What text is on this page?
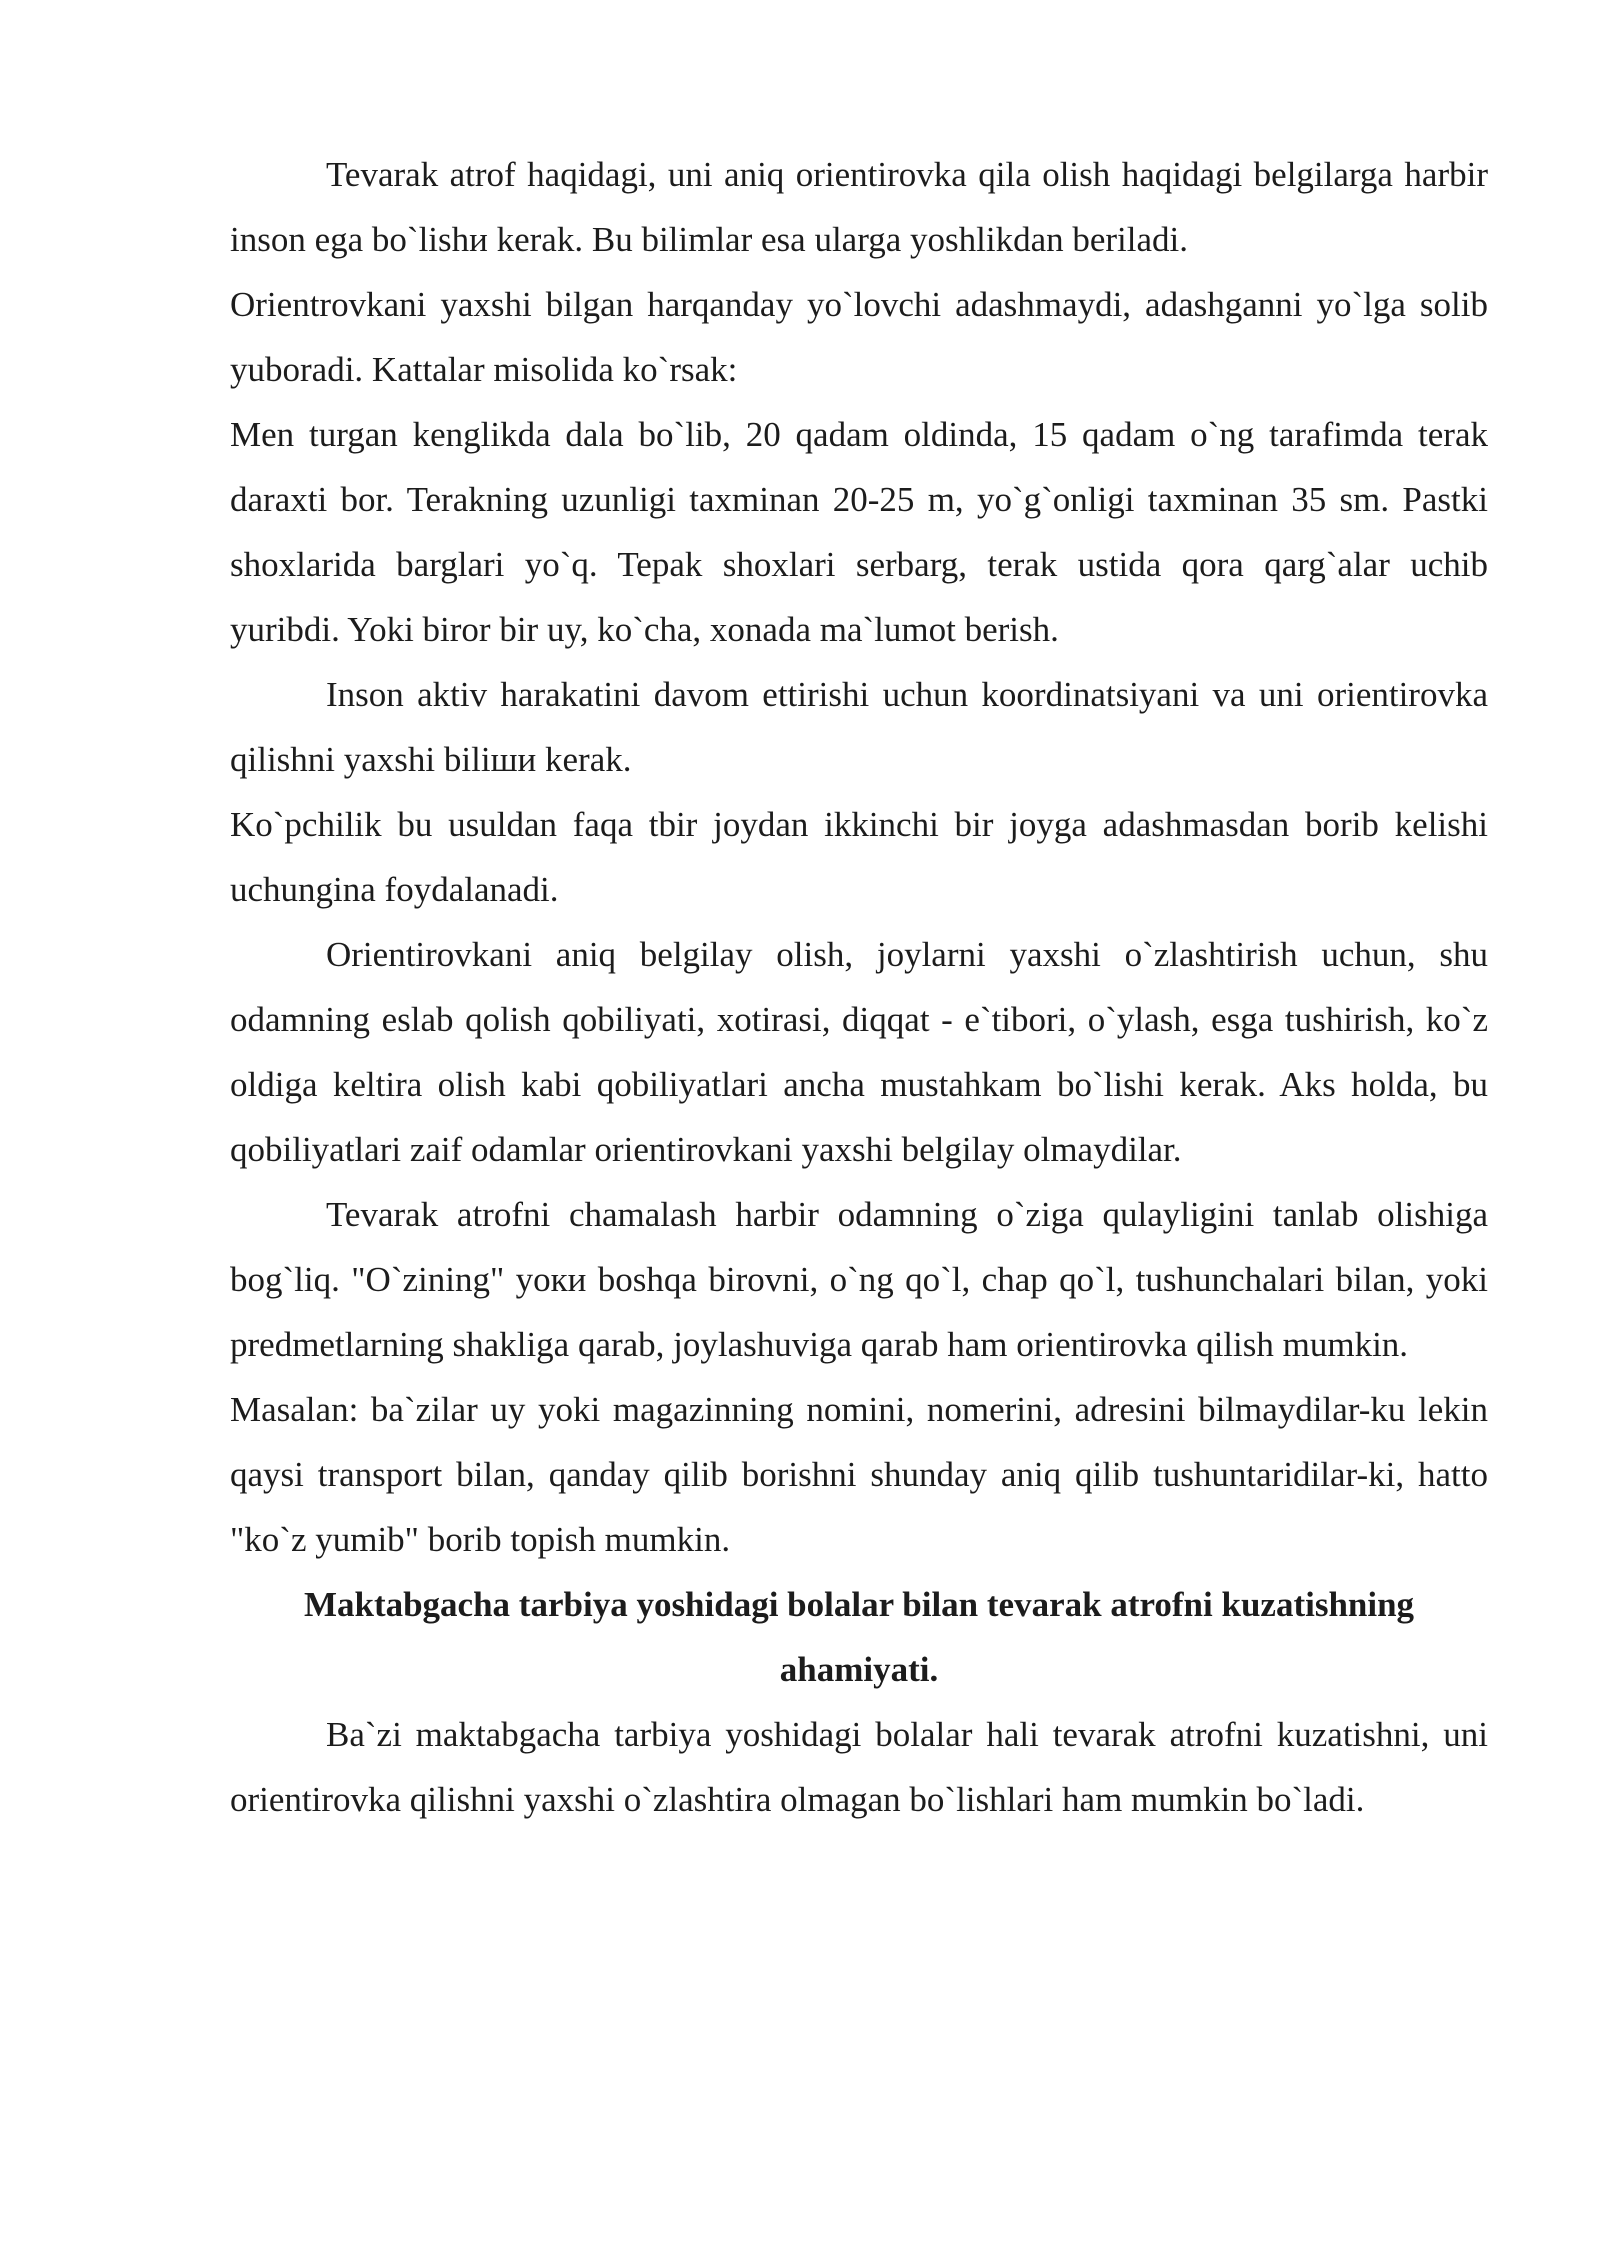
Tevarak atrof haqidagi, uni aniq orientirovka qila olish haqidagi belgilarga harbir inson ega bo`lishи kerak. Bu bilimlar esa ularga yoshlikdan beriladi.

Orientrovkani yaxshi bilgan harqanday yo`lovchi adashmaydi, adashganni yo`lga solib yuboradi. Kattalar misolida ko`rsak:

Men turgan kenglikda dala bo`lib, 20 qadam oldinda, 15 qadam o`ng tarafimda terak daraxti bor. Terakning uzunligi taxminan 20-25 m, yo`g`onligi taxminan 35 sm. Pastki shoxlarida barglari yo`q. Tepak shoxlari serbarg, terak ustida qora qarg`alar uchib yuribdi. Yoki biror bir uy, ko`cha, xonada ma`lumot berish.

Inson aktiv harakatini davom ettirishi uchun koordinatsiyani va uni orientirovka qilishni yaxshi biliши kerak.

Ko`pchilik bu usuldan faqa tbir joydan ikkinchi bir joyga adashmasdan borib kelishi uchungina foydalanadi.

Orientirovkani aniq belgilay olish, joylarni yaxshi o`zlashtirish uchun, shu odamning eslab qolish qobiliyati, xotirasi, diqqat - e`tibori, o`ylash, esga tushirish, ko`z oldiga keltira olish kabi qobiliyatlari ancha mustahkam bo`lishi kerak. Aks holda, bu qobiliyatlari zaif odamlar orientirovkani yaxshi belgilay olmaydilar.

Tevarak atrofni chamalash harbir odamning o`ziga qulayligini tanlab olishiga bog`liq. "O`zining" yoки boshqa birovni, o`ng qo`l, chap qo`l, tushunchalari bilan, yoki predmetlarning shakliga qarab, joylashuviga qarab ham orientirovka qilish mumkin.

Masalan: ba`zilar uy yoki magazinning nomini, nomerini, adresini bilmaydilar-ku lekin qaysi transport bilan, qanday qilib borishni shunday aniq qilib tushuntaridilar-ki, hatto "ko`z yumib" borib topish mumkin.

Maktabgacha tarbiya yoshidagi bolalar bilan tevarak atrofni kuzatishning ahamiyati.

Ba`zi maktabgacha tarbiya yoshidagi bolalar hali tevarak atrofni kuzatishni, uni orientirovka qilishni yaxshi o`zlashtira olmagan bo`lishlari ham mumkin bo`ladi.
